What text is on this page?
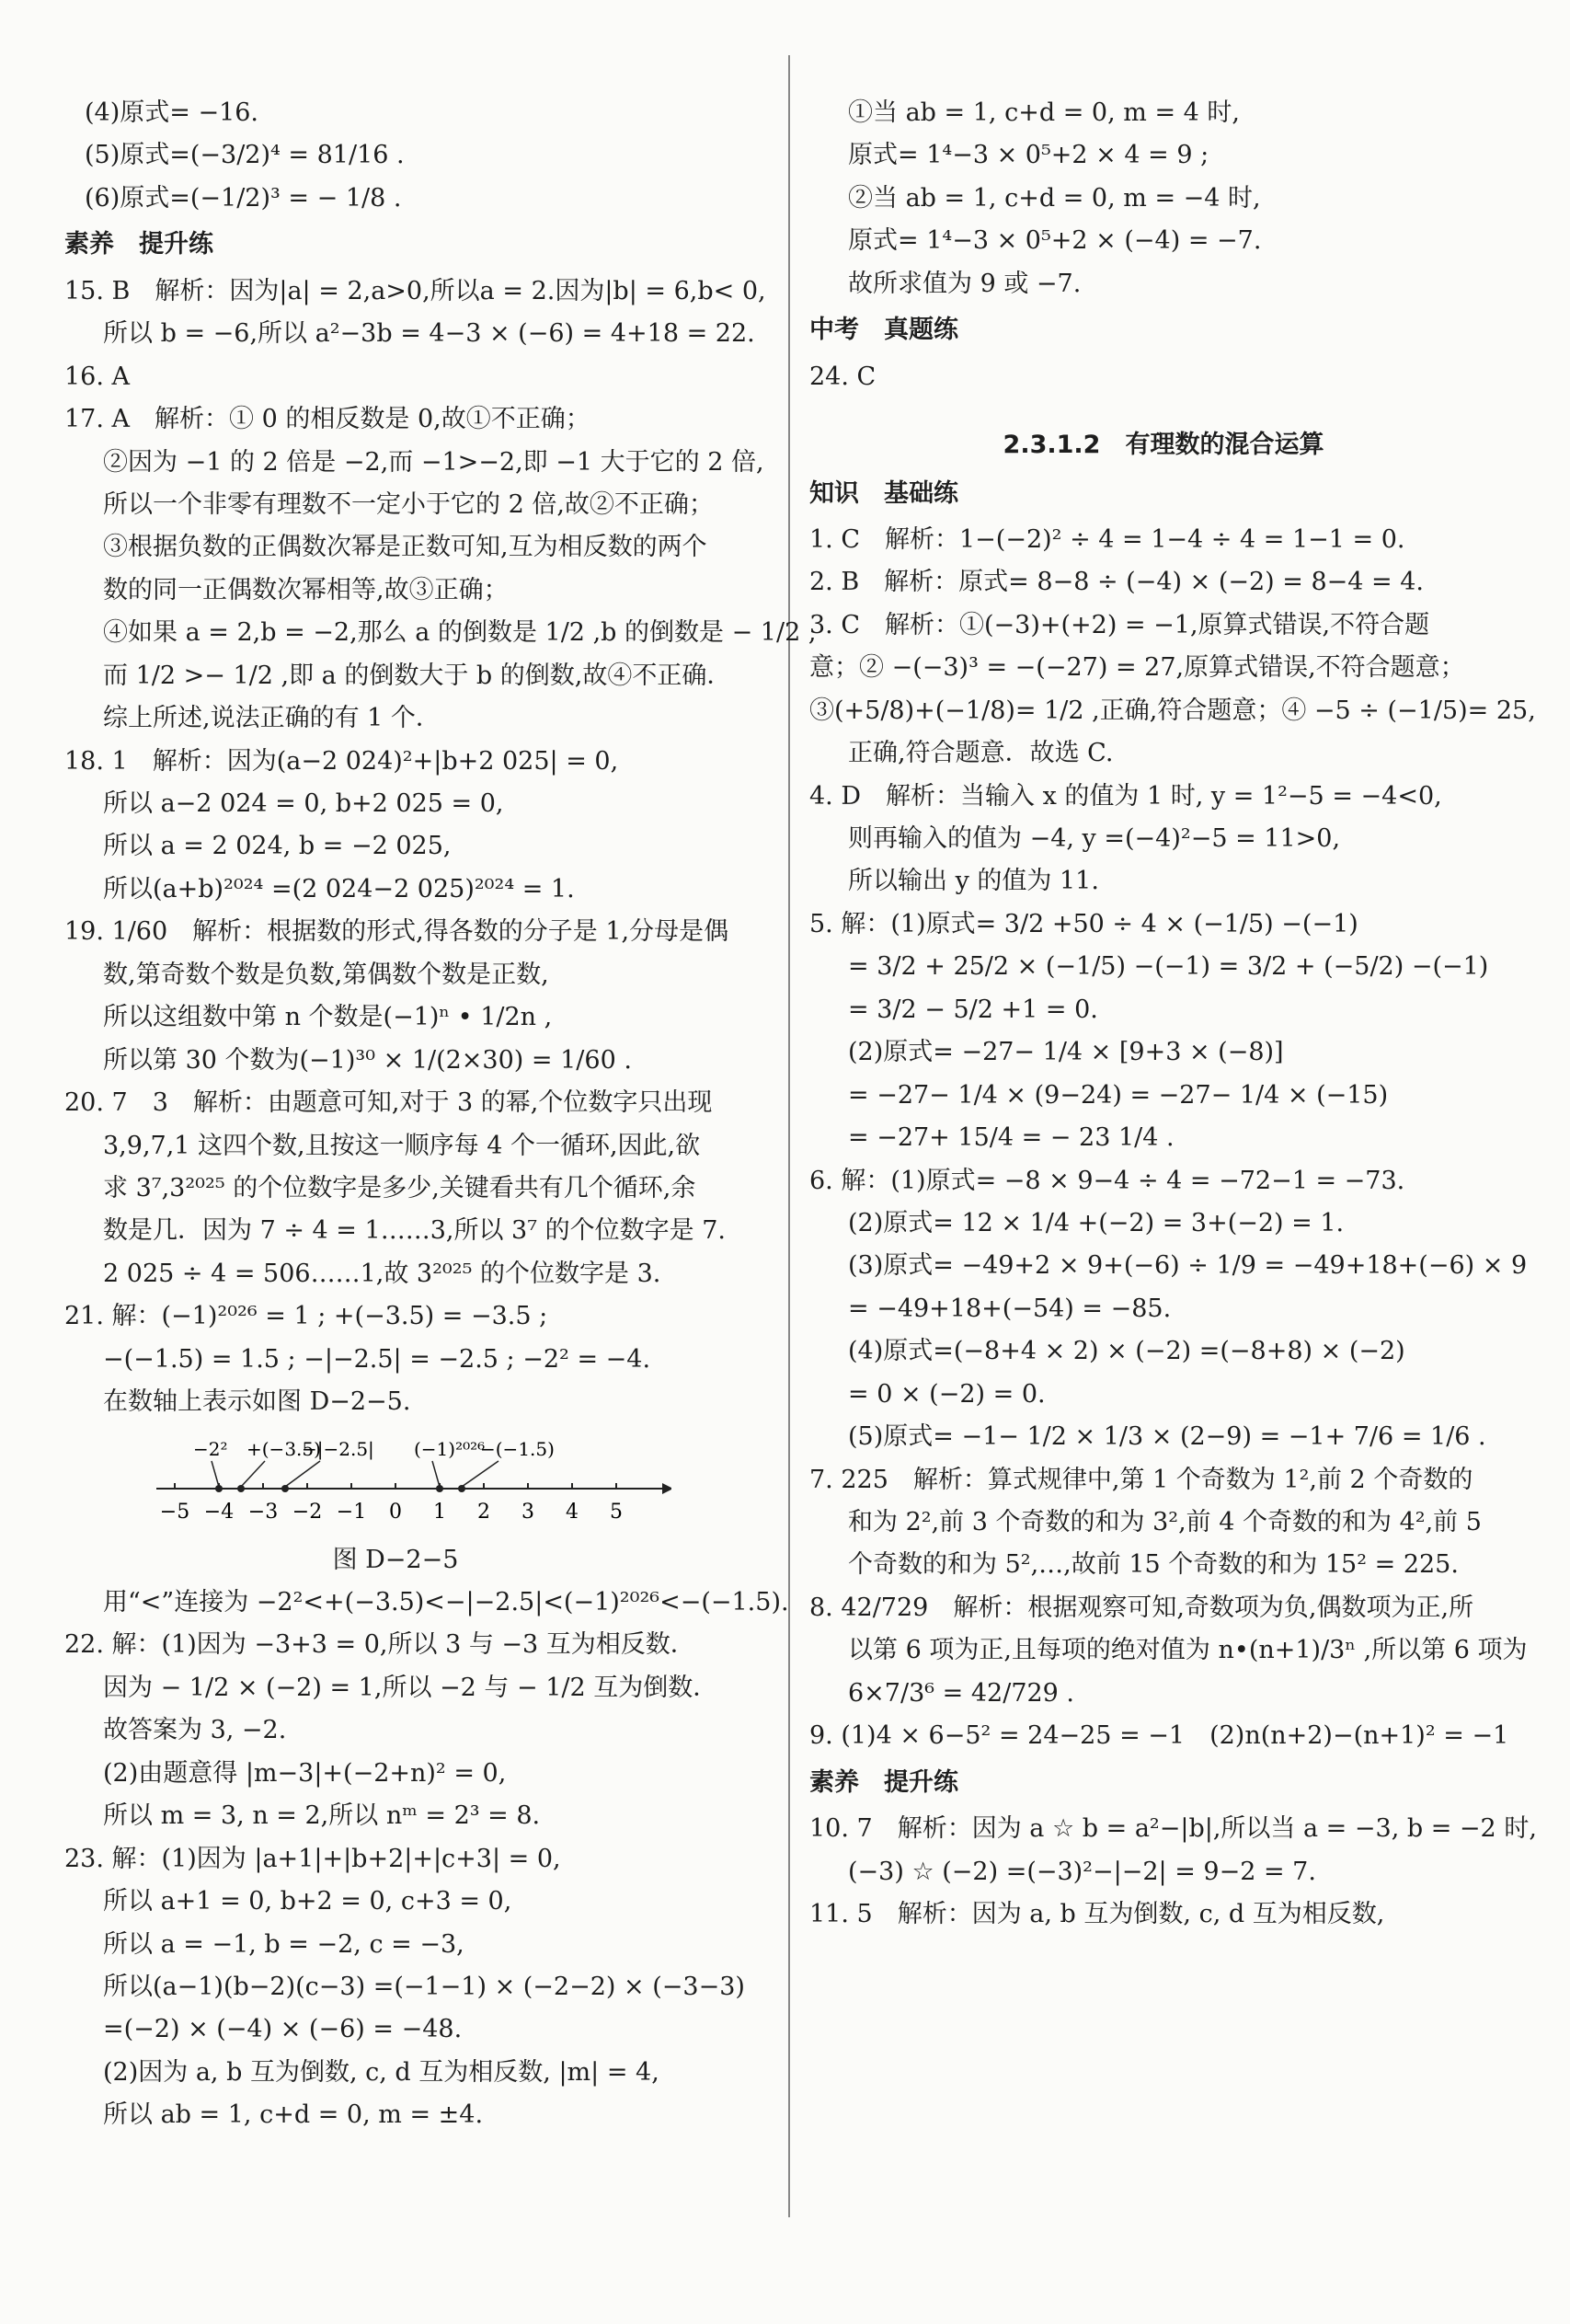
(4)原式= −16.
(5)原式=(−3/2)⁴ = 81/16 .
(6)原式=(−1/2)³ = − 1/8 .
素养　提升练
15. B　解析：因为|a| = 2,a>0,所以a = 2.因为|b| = 6,b< 0,
所以 b = −6,所以 a²−3b = 4−3 × (−6) = 4+18 = 22.
16. A
17. A　解析：① 0 的相反数是 0,故①不正确；
②因为 −1 的 2 倍是 −2,而 −1>−2,即 −1 大于它的 2 倍,
所以一个非零有理数不一定小于它的 2 倍,故②不正确；
③根据负数的正偶数次幂是正数可知,互为相反数的两个
数的同一正偶数次幂相等,故③正确；
④如果 a = 2,b = −2,那么 a 的倒数是 1/2 ,b 的倒数是 − 1/2 ,
而 1/2 >− 1/2 ,即 a 的倒数大于 b 的倒数,故④不正确．
综上所述,说法正确的有 1 个．
18. 1　解析：因为(a−2 024)²+|b+2 025| = 0,
所以 a−2 024 = 0, b+2 025 = 0,
所以 a = 2 024, b = −2 025,
所以(a+b)²⁰²⁴ =(2 024−2 025)²⁰²⁴ = 1.
19. 1/60　解析：根据数的形式,得各数的分子是 1,分母是偶
数,第奇数个数是负数,第偶数个数是正数,
所以这组数中第 n 个数是(−1)ⁿ • 1/2n ,
所以第 30 个数为(−1)³⁰ × 1/(2×30) = 1/60 .
20. 7　3　解析：由题意可知,对于 3 的幂,个位数字只出现
3,9,7,1 这四个数,且按这一顺序每 4 个一循环,因此,欲
求 3⁷,3²⁰²⁵ 的个位数字是多少,关键看共有几个循环,余
数是几．因为 7 ÷ 4 = 1……3,所以 3⁷ 的个位数字是 7.
2 025 ÷ 4 = 506……1,故 3²⁰²⁵ 的个位数字是 3.
21. 解：(−1)²⁰²⁶ = 1 ; +(−3.5) = −3.5 ;
−(−1.5) = 1.5 ; −|−2.5| = −2.5 ; −2² = −4.
在数轴上表示如图 D−2−5.
−5 −4 −3 −2 −1 0 1 2 3 4 5
−2² +(−3.5)
−|−2.5| (−1)²⁰²⁶
−(−1.5)
图 D−2−5
用“<”连接为 −2²<+(−3.5)<−|−2.5|<(−1)²⁰²⁶<−(−1.5).
22. 解：(1)因为 −3+3 = 0,所以 3 与 −3 互为相反数．
因为 − 1/2 × (−2) = 1,所以 −2 与 − 1/2 互为倒数．
故答案为 3, −2.
(2)由题意得 |m−3|+(−2+n)² = 0,
所以 m = 3, n = 2,所以 nᵐ = 2³ = 8.
23. 解：(1)因为 |a+1|+|b+2|+|c+3| = 0,
所以 a+1 = 0, b+2 = 0, c+3 = 0,
所以 a = −1, b = −2, c = −3,
所以(a−1)(b−2)(c−3) =(−1−1) × (−2−2) × (−3−3)
=(−2) × (−4) × (−6) = −48.
(2)因为 a, b 互为倒数, c, d 互为相反数, |m| = 4,
所以 ab = 1, c+d = 0, m = ±4.
①当 ab = 1, c+d = 0, m = 4 时,
原式= 1⁴−3 × 0⁵+2 × 4 = 9 ;
②当 ab = 1, c+d = 0, m = −4 时,
原式= 1⁴−3 × 0⁵+2 × (−4) = −7.
故所求值为 9 或 −7.
中考　真题练
24. C
2.3.1.2　有理数的混合运算
知识　基础练
1. C　解析：1−(−2)² ÷ 4 = 1−4 ÷ 4 = 1−1 = 0.
2. B　解析：原式= 8−8 ÷ (−4) × (−2) = 8−4 = 4.
3. C　解析：①(−3)+(+2) = −1,原算式错误,不符合题
意；② −(−3)³ = −(−27) = 27,原算式错误,不符合题意；
③(+5/8)+(−1/8)= 1/2 ,正确,符合题意；④ −5 ÷ (−1/5)= 25,
正确,符合题意．故选 C.
4. D　解析：当输入 x 的值为 1 时, y = 1²−5 = −4<0,
则再输入的值为 −4, y =(−4)²−5 = 11>0,
所以输出 y 的值为 11.
5. 解：(1)原式= 3/2 +50 ÷ 4 × (−1/5) −(−1)
= 3/2 + 25/2 × (−1/5) −(−1) = 3/2 + (−5/2) −(−1)
= 3/2 − 5/2 +1 = 0.
(2)原式= −27− 1/4 × [9+3 × (−8)]
= −27− 1/4 × (9−24) = −27− 1/4 × (−15)
= −27+ 15/4 = − 23 1/4 .
6. 解：(1)原式= −8 × 9−4 ÷ 4 = −72−1 = −73.
(2)原式= 12 × 1/4 +(−2) = 3+(−2) = 1.
(3)原式= −49+2 × 9+(−6) ÷ 1/9 = −49+18+(−6) × 9
= −49+18+(−54) = −85.
(4)原式=(−8+4 × 2) × (−2) =(−8+8) × (−2)
= 0 × (−2) = 0.
(5)原式= −1− 1/2 × 1/3 × (2−9) = −1+ 7/6 = 1/6 .
7. 225　解析：算式规律中,第 1 个奇数为 1²,前 2 个奇数的
和为 2²,前 3 个奇数的和为 3²,前 4 个奇数的和为 4²,前 5
个奇数的和为 5²,…,故前 15 个奇数的和为 15² = 225.
8. 42/729　解析：根据观察可知,奇数项为负,偶数项为正,所
以第 6 项为正,且每项的绝对值为 n•(n+1)/3ⁿ ,所以第 6 项为
6×7/3⁶ = 42/729 .
9. (1)4 × 6−5² = 24−25 = −1　(2)n(n+2)−(n+1)² = −1
素养　提升练
10. 7　解析：因为 a ☆ b = a²−|b|,所以当 a = −3, b = −2 时,
(−3) ☆ (−2) =(−3)²−|−2| = 9−2 = 7.
11. 5　解析：因为 a, b 互为倒数, c, d 互为相反数,
